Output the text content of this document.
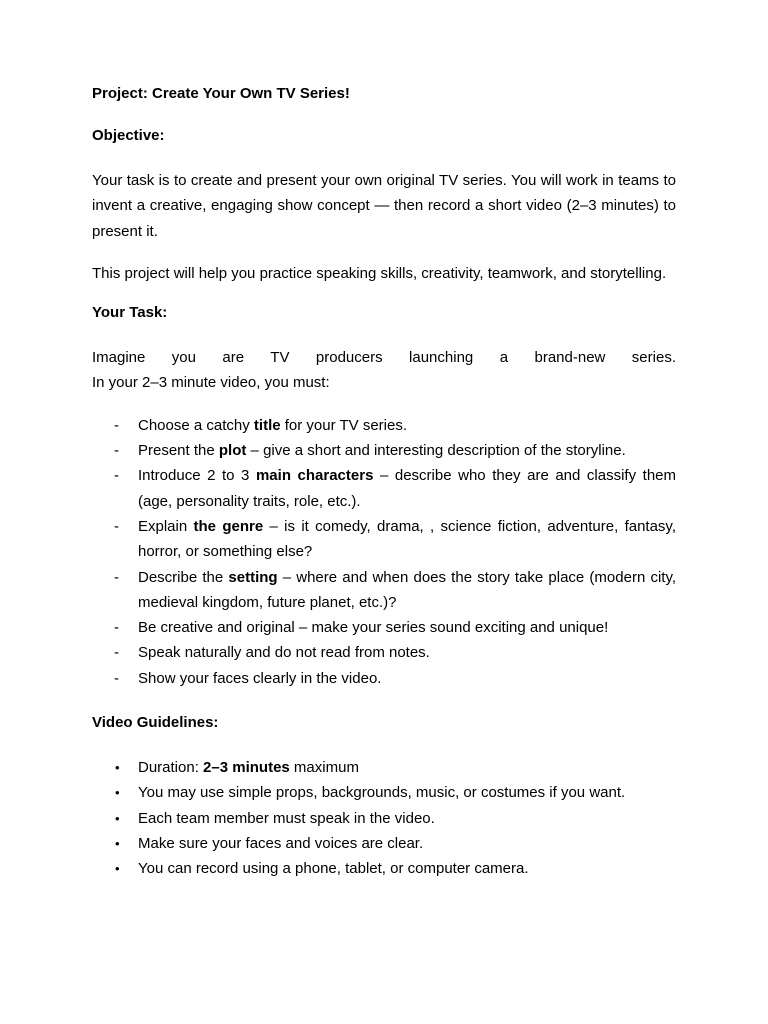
Project: Create Your Own TV Series!
Objective:
Your task is to create and present your own original TV series. You will work in teams to invent a creative, engaging show concept — then record a short video (2–3 minutes) to present it.
This project will help you practice speaking skills, creativity, teamwork, and storytelling.
Your Task:
Imagine you are TV producers launching a brand-new series.
In your 2–3 minute video, you must:
- Choose a catchy title for your TV series.
- Present the plot – give a short and interesting description of the storyline.
- Introduce 2 to 3 main characters – describe who they are and classify them (age, personality traits, role, etc.).
- Explain the genre – is it comedy, drama, , science fiction, adventure, fantasy, horror, or something else?
- Describe the setting – where and when does the story take place (modern city, medieval kingdom, future planet, etc.)?
- Be creative and original – make your series sound exciting and unique!
- Speak naturally and do not read from notes.
- Show your faces clearly in the video.
Video Guidelines:
• Duration: 2–3 minutes maximum
• You may use simple props, backgrounds, music, or costumes if you want.
• Each team member must speak in the video.
• Make sure your faces and voices are clear.
• You can record using a phone, tablet, or computer camera.
